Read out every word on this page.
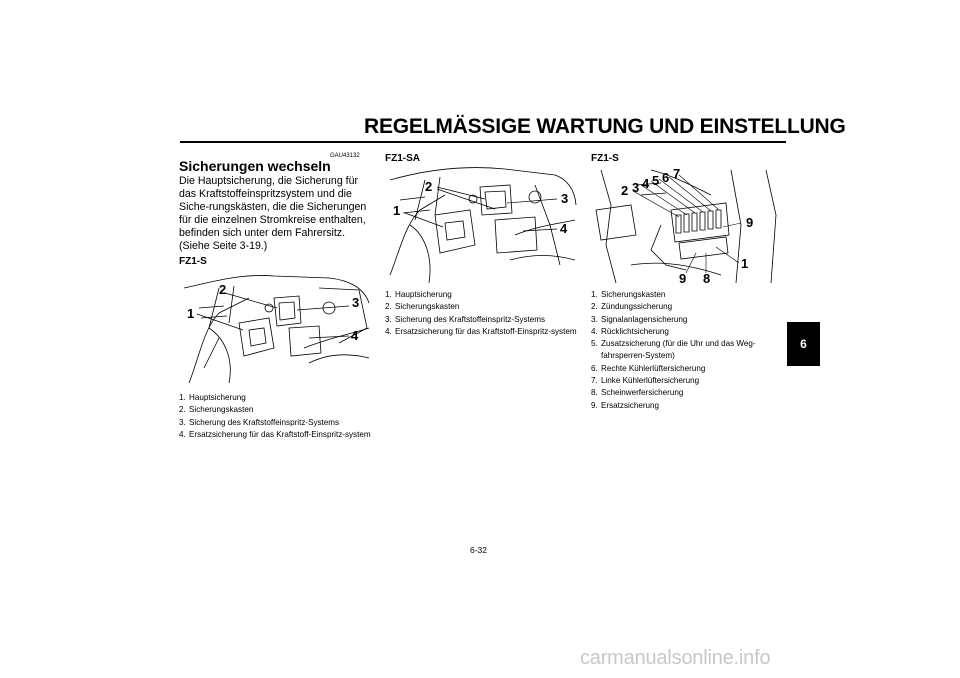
REGELMÄSSIGE WARTUNG UND EINSTELLUNG
6
GAU43132
Sicherungen wechseln
Die Hauptsicherung, die Sicherung für das Kraftstoffeinspritzsystem und die Siche-rungskästen, die die Sicherungen für die einzelnen Stromkreise enthalten, befinden sich unter dem Fahrersitz. (Siehe Seite 3-19.)
FZ1-S
2
1
3
4
1. Hauptsicherung
2. Sicherungskasten
3. Sicherung des Kraftstoffeinspritz-Systems
4. Ersatzsicherung für das Kraftstoff-Einspritz-system
FZ1-SA
2
1
3
4
1. Hauptsicherung
2. Sicherungskasten
3. Sicherung des Kraftstoffeinspritz-Systems
4. Ersatzsicherung für das Kraftstoff-Einspritz-system
FZ1-S
2 3 4 5 6 7
9
1
9 8
1. Sicherungskasten
2. Zündungssicherung
3. Signalanlagensicherung
4. Rücklichtsicherung
5. Zusatzsicherung (für die Uhr und das Weg-fahrsperren-System)
6. Rechte Kühlerlüftersicherung
7. Linke Kühlerlüftersicherung
8. Scheinwerfersicherung
9. Ersatzsicherung
6-32
carmanualsonline.info
